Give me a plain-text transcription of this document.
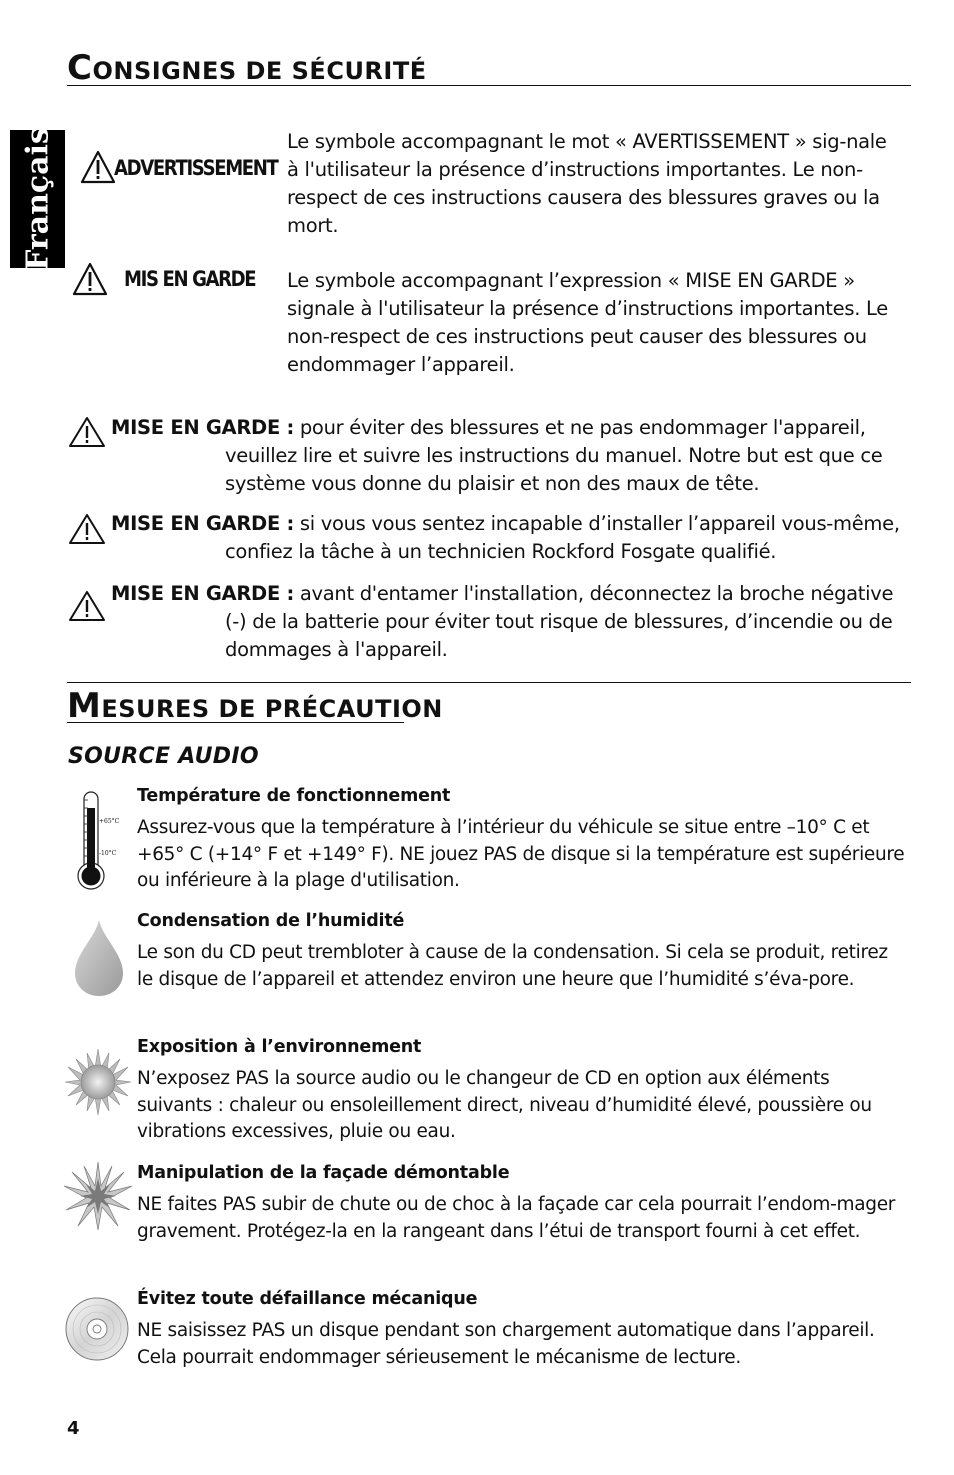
CONSIGNES DE SÉCURITÉ
Français	ADVERTISSEMENT
Le symbole accompagnant le mot « AVERTISSEMENT » sig-nale à l'utilisateur la présence d’instructions importantes. Le non-respect de ces instructions causera des blessures graves ou la mort.
MIS EN GARDE Le symbole accompagnant l’expression « MISE EN GARDE » signale à l'utilisateur la présence d’instructions importantes. Le non-respect de ces instructions peut causer des blessures ou endommager l’appareil.
MISE EN GARDE : pour éviter des blessures et ne pas endommager l'appareil,
veuillez lire et suivre les instructions du manuel. Notre but est que ce système vous donne du plaisir et non des maux de tête.
MISE EN GARDE : si vous vous sentez incapable d’installer l’appareil vous-même,
confiez la tâche à un technicien Rockford Fosgate qualifié.
MISE EN GARDE : avant d'entamer l'installation, déconnectez la broche négative
(-) de la batterie pour éviter tout risque de blessures, d’incendie ou de dommages à l'appareil.
MESURES DE PRÉCAUTION
SOURCE AUDIO
+65°C
-10°C
Température de fonctionnement
Assurez-vous que la température à l’intérieur du véhicule se situe entre –10° C et +65° C (+14° F et +149° F). NE jouez PAS de disque si la température est supérieure ou inférieure à la plage d'utilisation.
Condensation de l’humidité
Le son du CD peut trembloter à cause de la condensation. Si cela se produit, retirez le disque de l’appareil et attendez environ une heure que l’humidité s’éva-pore.
Exposition à l’environnement
N’exposez PAS la source audio ou le changeur de CD en option aux éléments suivants : chaleur ou ensoleillement direct, niveau d’humidité élevé, poussière ou vibrations excessives, pluie ou eau.
Manipulation de la façade démontable
NE faites PAS subir de chute ou de choc à la façade car cela pourrait l’endom-mager gravement. Protégez-la en la rangeant dans l’étui de transport fourni à cet effet.
Évitez toute défaillance mécanique
NE saisissez PAS un disque pendant son chargement automatique dans l’appareil. Cela pourrait endommager sérieusement le mécanisme de lecture.
4
